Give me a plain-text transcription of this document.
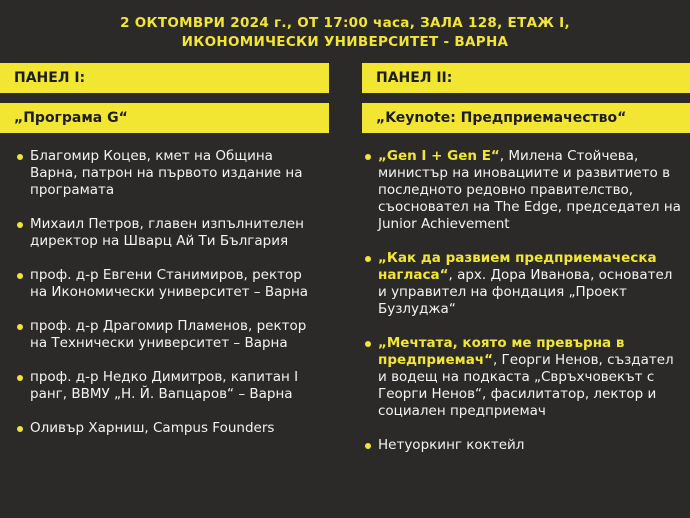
2 ОКТОМВРИ 2024 г., ОТ 17:00 часа, ЗАЛА 128, ЕТАЖ I,
ИКОНОМИЧЕСКИ УНИВЕРСИТЕТ - ВАРНА
ПАНЕЛ I:
„Програма G“
Благомир Коцев, кмет на Община Варна, патрон на първото издание на програмата
Михаил Петров, главен изпълнителен директор на Шварц Ай Ти България
проф. д-р Евгени Станимиров, ректор на Икономически университет – Варна
проф. д-р Драгомир Пламенов, ректор на Технически университет – Варна
проф. д-р Недко Димитров, капитан I ранг, ВВМУ „Н. Й. Вапцаров“ – Варна
Оливър Харниш, Campus Founders
ПАНЕЛ II:
„Keynote: Предприемачество“
„Gen I + Gen E“, Милена Стойчева, министър на иновациите и развитието в последното редовно правителство, съосновател на The Edge, председател на Junior Achievement
„Как да развием предприемаческа нагласа“, арх. Дора Иванова, основател и управител на фондация „Проект Бузлуджа“
„Мечтата, която ме превърна в предприемач“, Георги Ненов, създател и водещ на подкаста „Свръхчовекът с Георги Ненов“, фасилитатор, лектор и социален предприемач
Нетуоркинг коктейл
